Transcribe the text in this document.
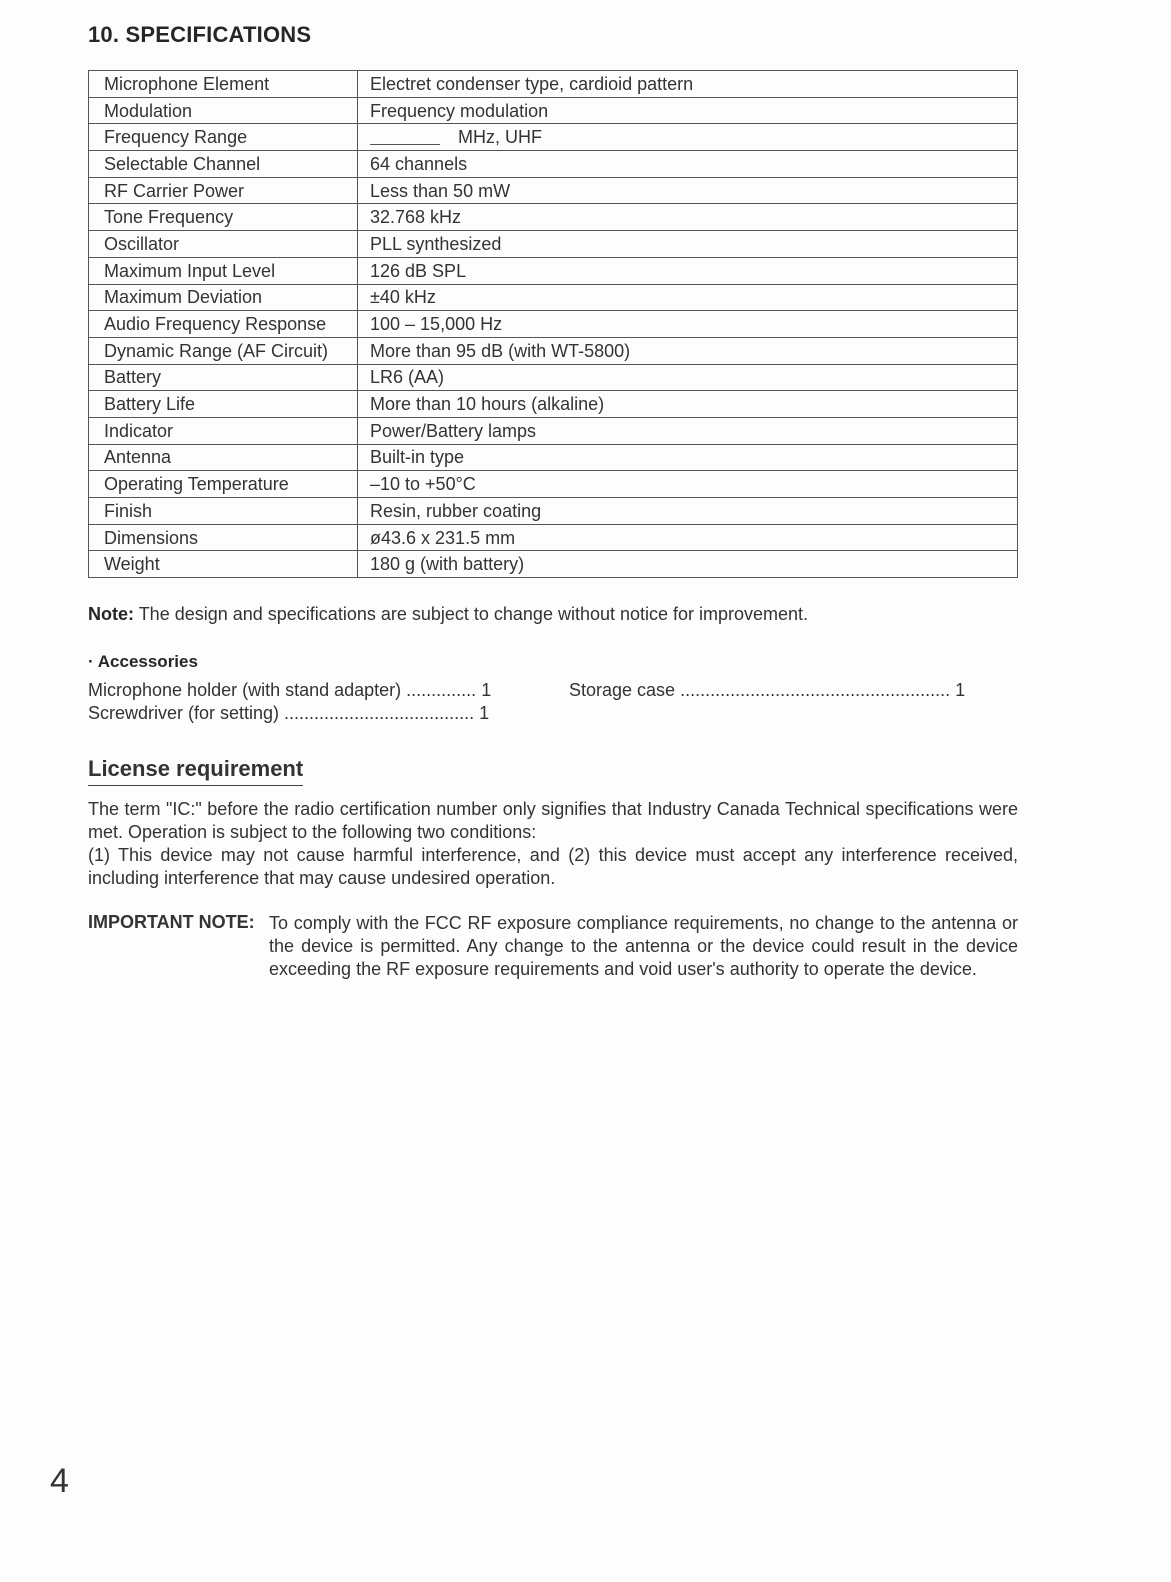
10. SPECIFICATIONS
Microphone Element	Electret condenser type, cardioid pattern
Modulation	Frequency modulation
Frequency Range	MHz, UHF
Selectable Channel	64 channels
RF Carrier Power	Less than 50 mW
Tone Frequency	32.768 kHz
Oscillator	PLL synthesized
Maximum Input Level	126 dB SPL
Maximum Deviation	±40 kHz
Audio Frequency Response	100 – 15,000 Hz
Dynamic Range (AF Circuit)	More than 95 dB (with WT-5800)
Battery	LR6 (AA)
Battery Life	More than 10 hours (alkaline)
Indicator	Power/Battery lamps
Antenna	Built-in type
Operating Temperature	–10 to +50°C
Finish	Resin, rubber coating
Dimensions	ø43.6 x 231.5 mm
Weight	180 g (with battery)
Note: The design and specifications are subject to change without notice for improvement.
· Accessories
Microphone holder (with stand adapter) .............. 1
Screwdriver (for setting) ...................................... 1
Storage case ...................................................... 1
License requirement

The term "IC:" before the radio certification number only signifies that Industry Canada Technical specifications were met. Operation is subject to the following two conditions:

(1) This device may not cause harmful interference, and (2) this device must accept any interference received, including interference that may cause undesired operation.

IMPORTANT NOTE: To comply with the FCC RF exposure compliance requirements, no change to the antenna or the device is permitted. Any change to the antenna or the device could result in the device exceeding the RF exposure requirements and void user's authority to operate the device.

4
